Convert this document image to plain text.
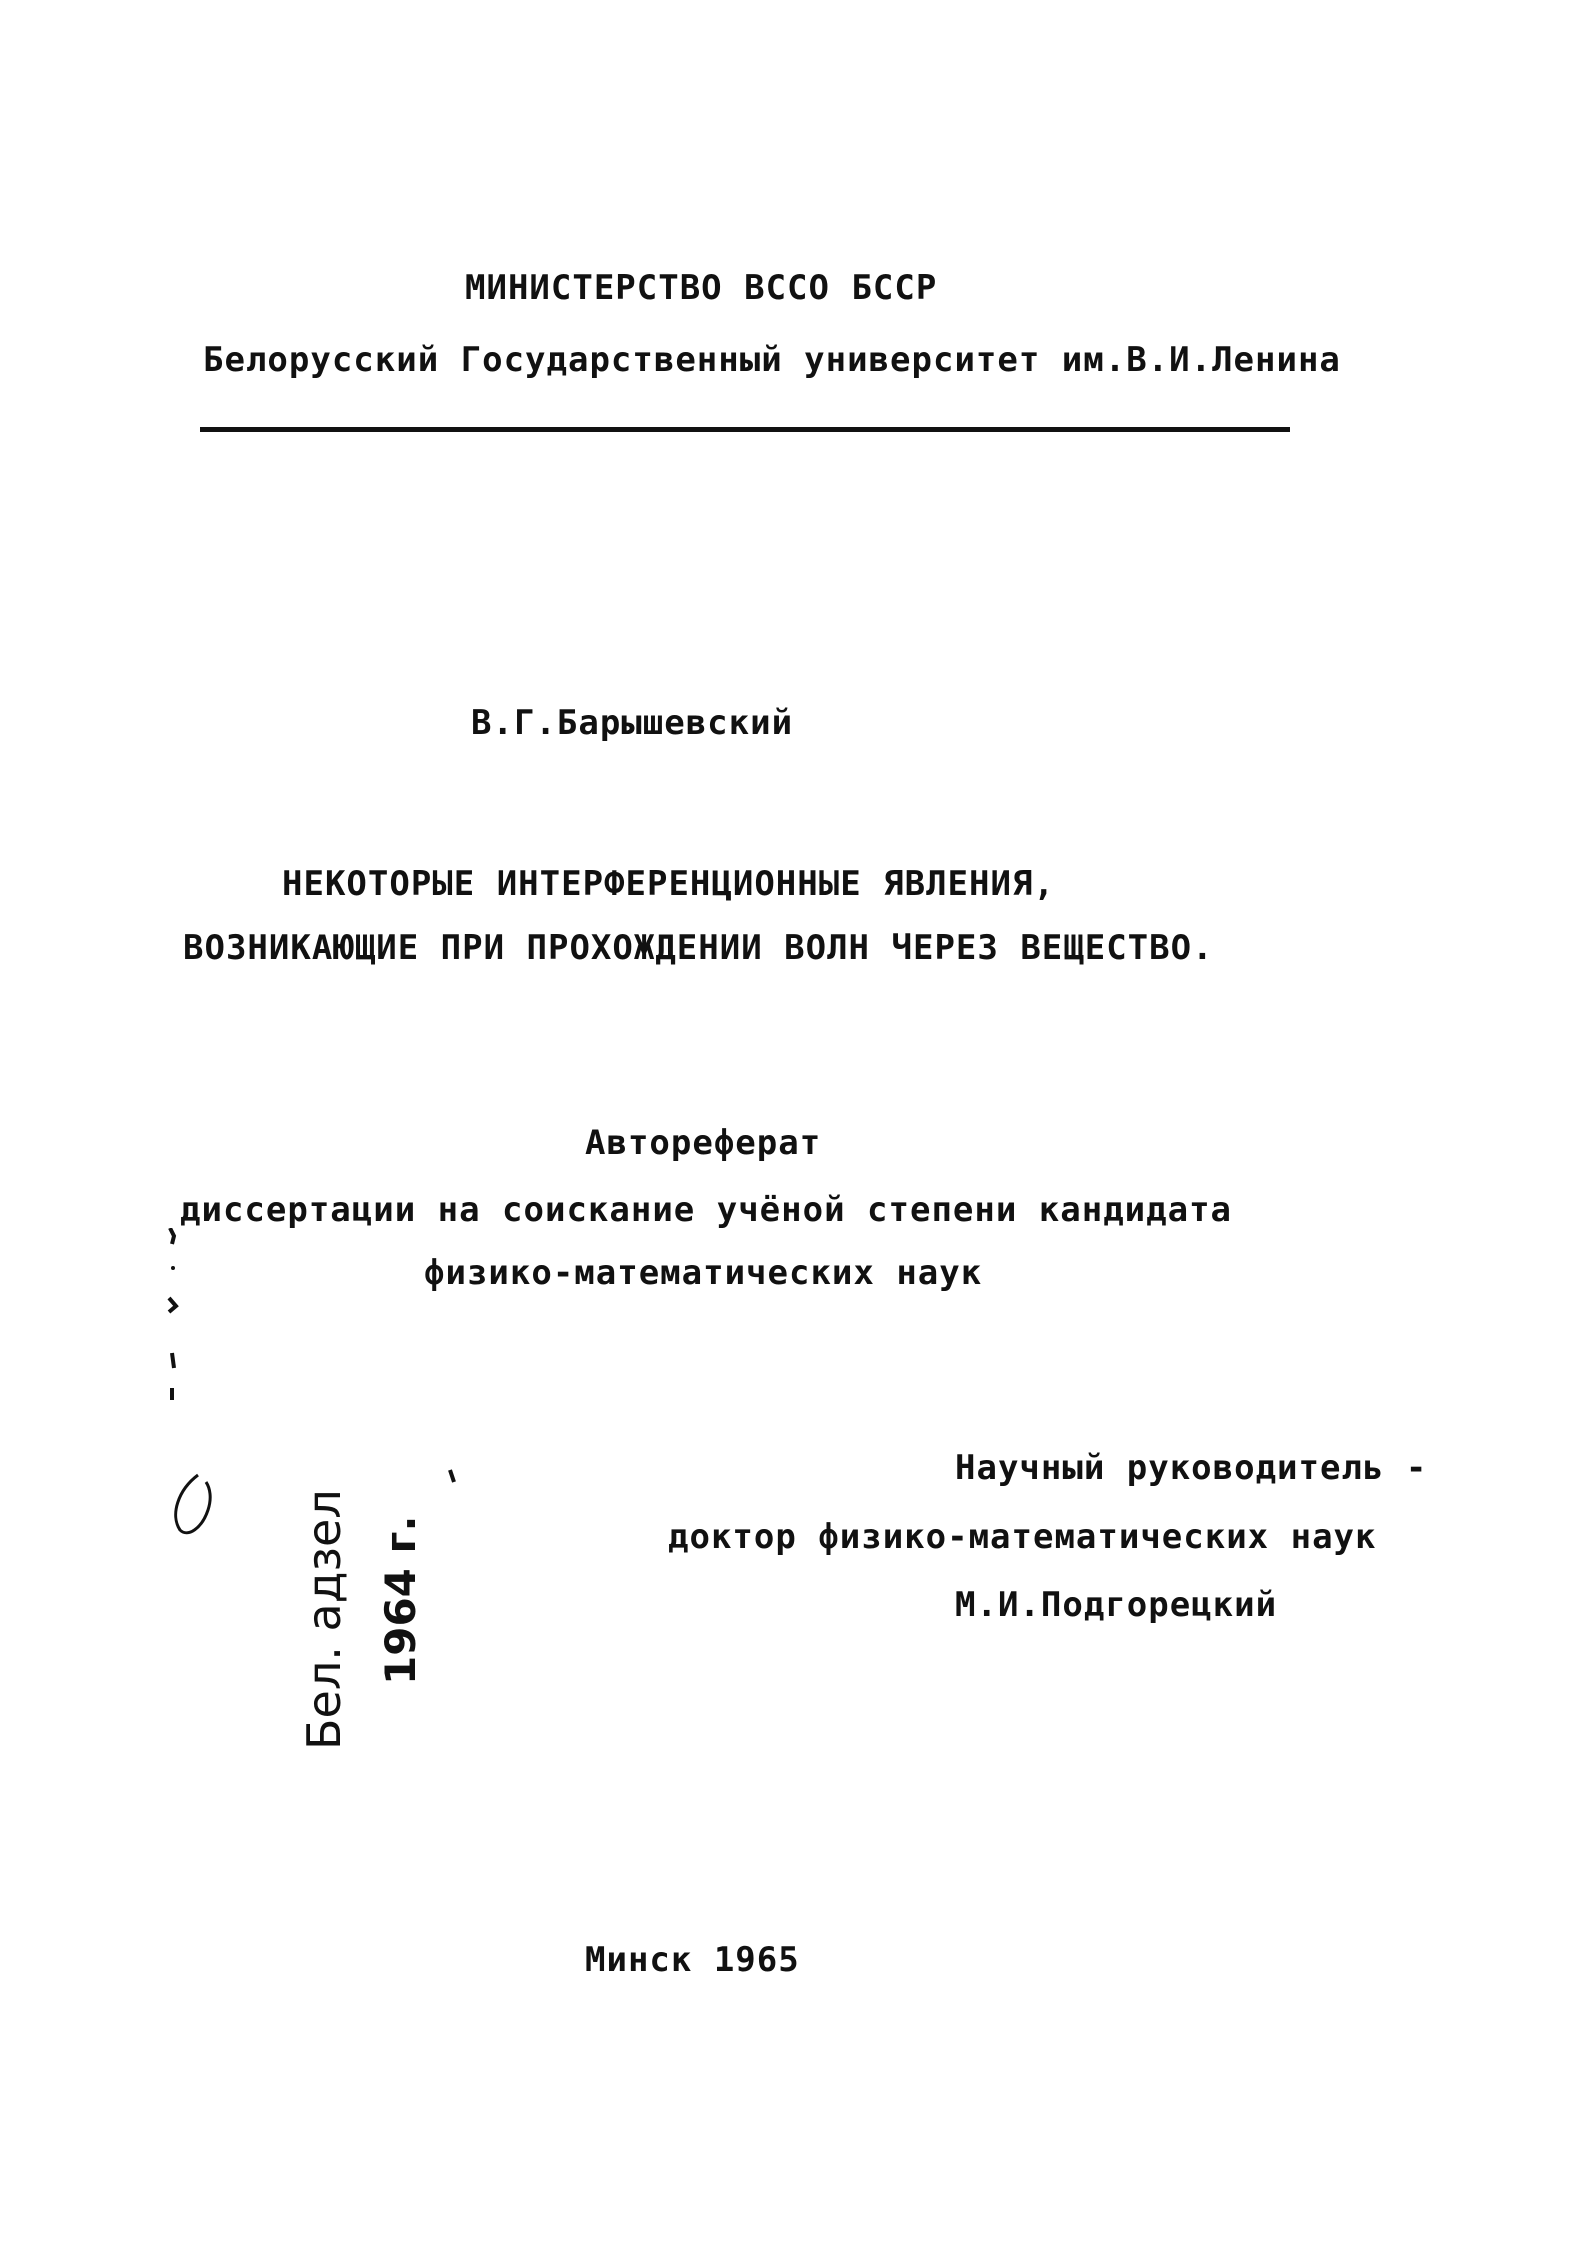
МИНИСТЕРСТВО ВССО БССР
Белорусский Государственный университет им.В.И.Ленина
В.Г.Барышевский
НЕКОТОРЫЕ ИНТЕРФЕРЕНЦИОННЫЕ ЯВЛЕНИЯ,
ВОЗНИКАЮЩИЕ ПРИ ПРОХОЖДЕНИИ ВОЛН ЧЕРЕЗ ВЕЩЕСТВО.
Автореферат
диссертации на соискание учёной степени кандидата
физико-математических наук
Бел. адзел 1964 г.
Научный руководитель -
доктор физико-математических наук
М.И.Подгорецкий
Минск 1965
